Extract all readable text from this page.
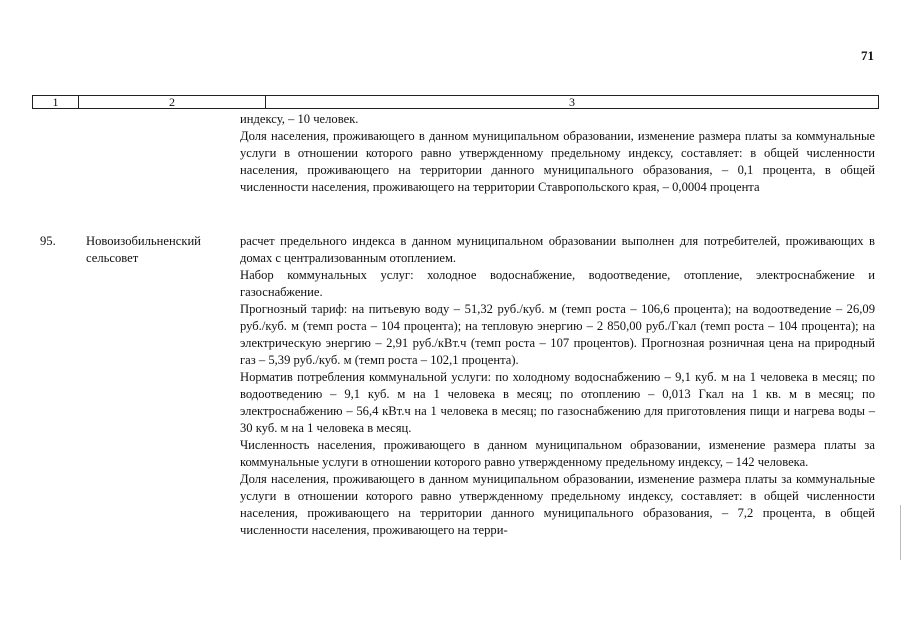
71
1	2	3

индексу, – 10 человек.

Доля населения, проживающего в данном муниципальном образовании, изменение размера платы за коммунальные услуги в отношении которого равно утвержденному предельному индексу, составляет: в общей численности населения, проживающего на территории данного муниципального образования, – 0,1 процента, в общей численности населения, проживающего на территории Ставропольского края, – 0,0004 процента

95. Новоизобильненский сельсовет

расчет предельного индекса в данном муниципальном образовании выполнен для потребителей, проживающих в домах с централизованным отоплением.

Набор коммунальных услуг: холодное водоснабжение, водоотведение, отопление, электроснабжение и газоснабжение.

Прогнозный тариф: на питьевую воду – 51,32 руб./куб. м (темп роста – 106,6 процента); на водоотведение – 26,09 руб./куб. м (темп роста – 104 процента); на тепловую энергию – 2 850,00 руб./Гкал (темп роста – 104 процента); на электрическую энергию – 2,91 руб./кВт.ч (темп роста – 107 процентов). Прогнозная розничная цена на природный газ – 5,39 руб./куб. м (темп роста – 102,1 процента).

Норматив потребления коммунальной услуги: по холодному водоснабжению – 9,1 куб. м на 1 человека в месяц; по водоотведению – 9,1 куб. м на 1 человека в месяц; по отоплению – 0,013 Гкал на 1 кв. м в месяц; по электроснабжению – 56,4 кВт.ч на 1 человека в месяц; по газоснабжению для приготовления пищи и нагрева воды – 30 куб. м на 1 человека в месяц.

Численность населения, проживающего в данном муниципальном образовании, изменение размера платы за коммунальные услуги в отношении которого равно утвержденному предельному индексу, – 142 человека.

Доля населения, проживающего в данном муниципальном образовании, изменение размера платы за коммунальные услуги в отношении которого равно утвержденному предельному индексу, составляет: в общей численности населения, проживающего на территории данного муниципального образования, – 7,2 процента, в общей численности населения, проживающего на терри-
